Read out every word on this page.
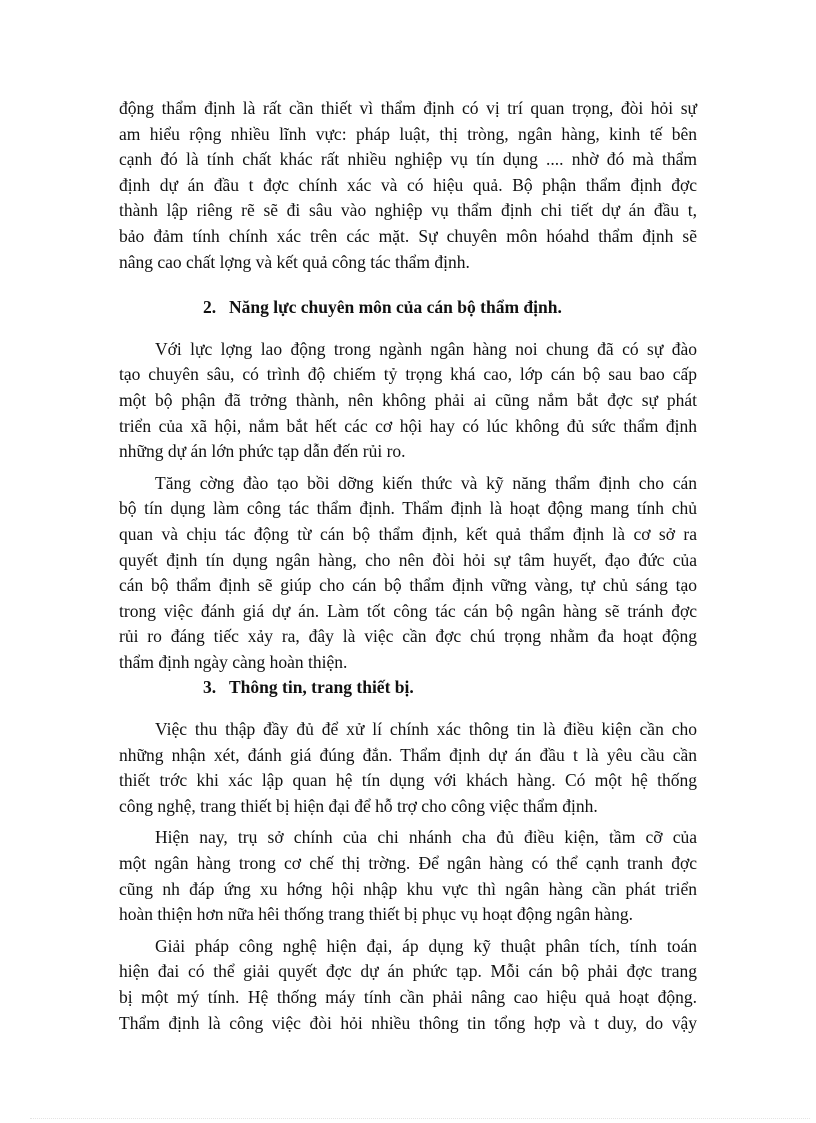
động thẩm định là rất cần thiết vì thẩm định có vị trí quan trọng, đòi hỏi sự
am hiểu rộng nhiều lĩnh vực: pháp luật, thị tròng, ngân hàng, kinh tế bên
cạnh đó là tính chất khác rất nhiều nghiệp vụ tín dụng .... nhờ đó mà thẩm
định dự án đầu t đợc chính xác và có hiệu quả. Bộ phận thẩm định đợc
thành lập riêng rẽ sẽ đi sâu vào nghiệp vụ thẩm định chi tiết dự án đầu t,
bảo đảm tính chính xác trên các mặt. Sự chuyên môn hóahd thẩm định sẽ
nâng cao chất lợng và kết quả công tác thẩm định.
2. Năng lực chuyên môn của cán bộ thẩm định.
Với lực lợng lao động trong ngành ngân hàng noi chung đã có sự đào
tạo chuyên sâu, có trình độ chiếm tỷ trọng khá cao, lớp cán bộ sau bao cấp
một bộ phận đã trởng thành, nên không phải ai cũng nắm bắt đợc sự phát
triển của xã hội, nắm bắt hết các cơ hội hay có lúc không đủ sức thẩm định
những dự án lớn phức tạp dẫn đến rủi ro.
Tăng cờng đào tạo bồi dỡng kiến thức và kỹ năng thẩm định cho cán
bộ tín dụng làm công tác thẩm định. Thẩm định là hoạt động mang tính chủ
quan và chịu tác động từ cán bộ thẩm định, kết quả thẩm định là cơ sở ra
quyết định tín dụng ngân hàng, cho nên đòi hỏi sự tâm huyết, đạo đức của
cán bộ thẩm định sẽ giúp cho cán bộ thẩm định vững vàng, tự chủ sáng tạo
trong việc đánh giá dự án. Làm tốt công tác cán bộ ngân hàng sẽ tránh đợc
rủi ro đáng tiếc xảy ra, đây là việc cần đợc chú trọng nhằm đa hoạt động
thẩm định ngày càng hoàn thiện.
3. Thông tin, trang thiết bị.
Việc thu thập đầy đủ để xử lí chính xác thông tin là điều kiện cần cho
những nhận xét, đánh giá đúng đắn. Thẩm định dự án đầu t là yêu cầu cần
thiết trớc khi xác lập quan hệ tín dụng với khách hàng. Có một hệ thống
công nghệ, trang thiết bị hiện đại để hỗ trợ cho công việc thẩm định.
Hiện nay, trụ sở chính của chi nhánh cha đủ điều kiện, tầm cỡ của
một ngân hàng trong cơ chế thị trờng. Để ngân hàng có thể cạnh tranh đợc
cũng nh đáp ứng xu hớng hội nhập khu vực thì ngân hàng cần phát triển
hoàn thiện hơn nữa hêi thống trang thiết bị phục vụ hoạt động ngân hàng.
Giải pháp công nghệ hiện đại, áp dụng kỹ thuật phân tích, tính toán
hiện đai có thể giải quyết đợc dự án phức tạp. Mỗi cán bộ phải đợc trang
bị một mý tính. Hệ thống máy tính cần phải nâng cao hiệu quả hoạt động.
Thẩm định là công việc đòi hỏi nhiều thông tin tổng hợp và t duy, do vậy
